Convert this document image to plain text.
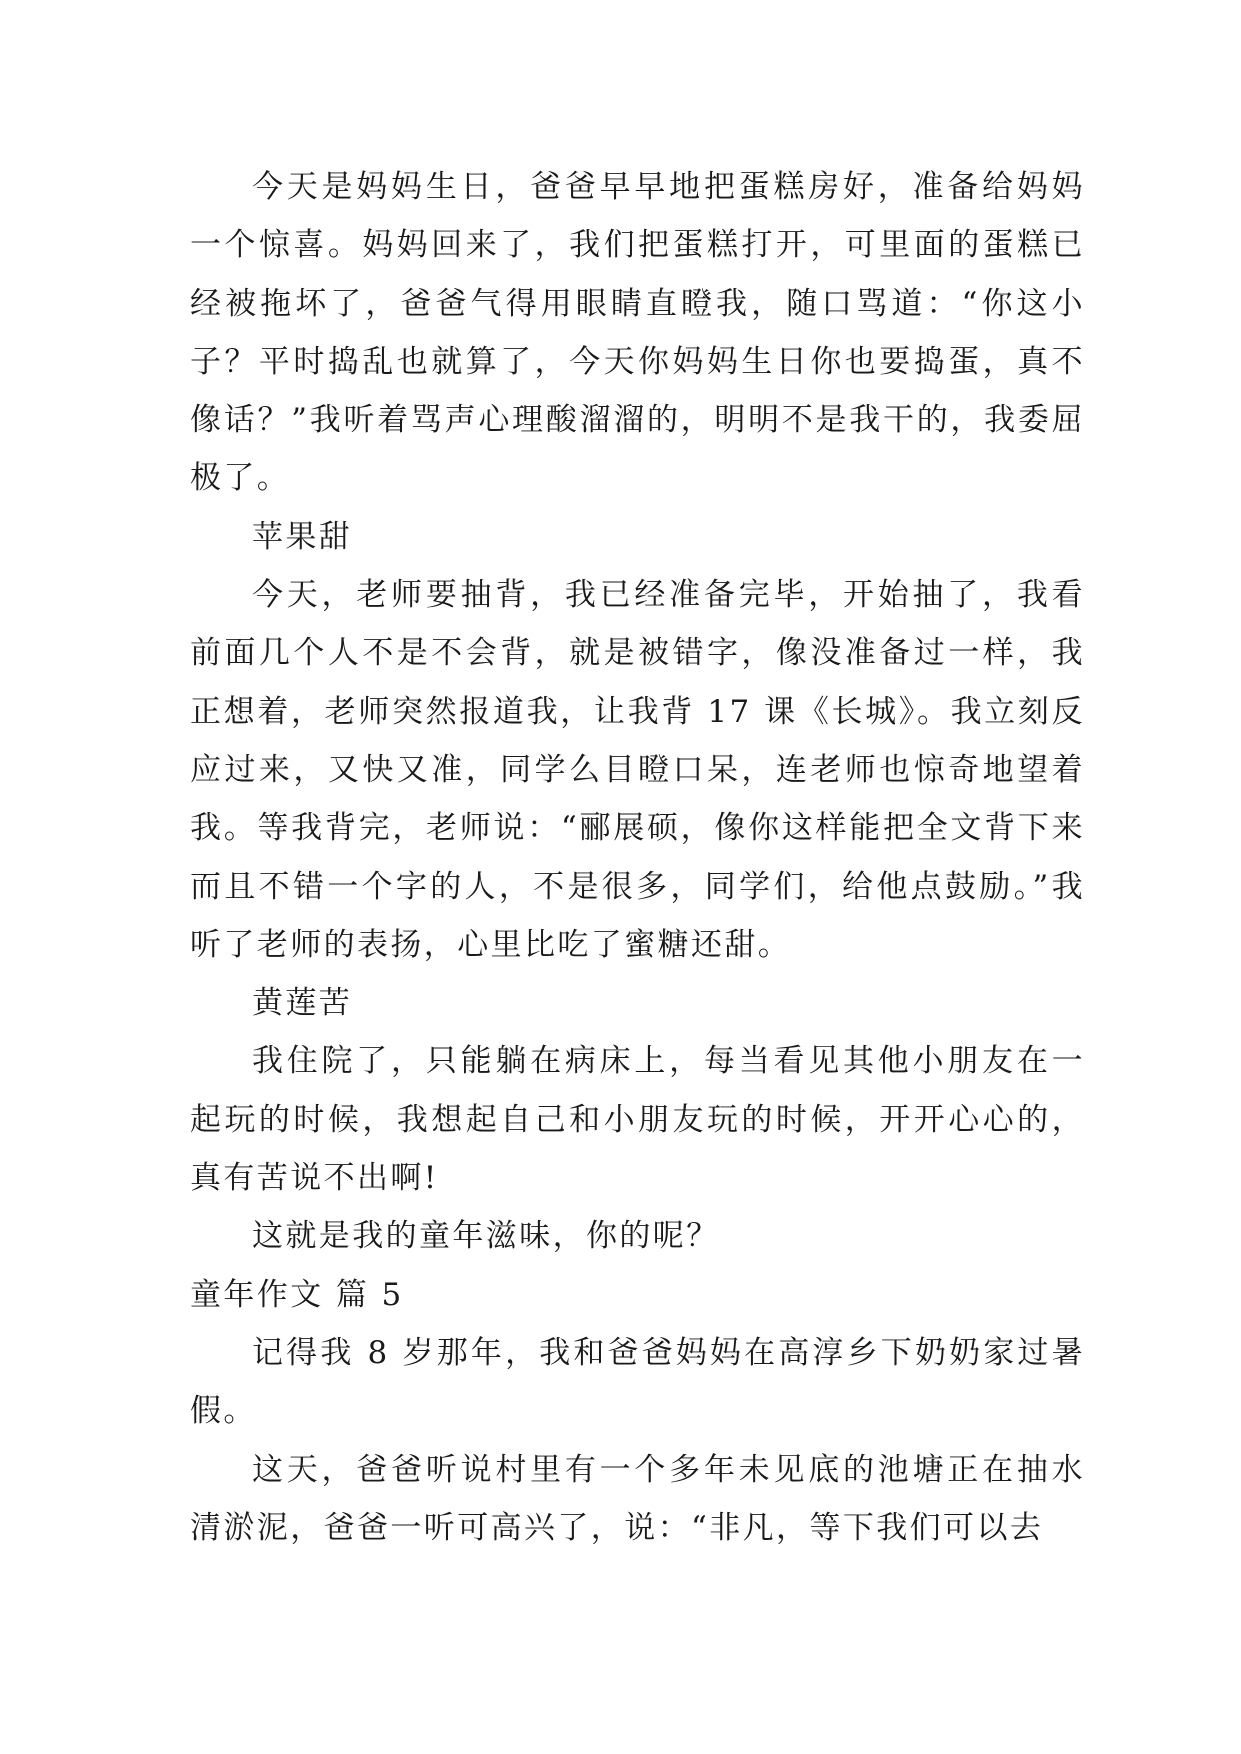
今天是妈妈生日，爸爸早早地把蛋糕房好，准备给妈妈一个惊喜。妈妈回来了，我们把蛋糕打开，可里面的蛋糕已经被拖坏了，爸爸气得用眼睛直瞪我，随口骂道：“你这小子？平时捣乱也就算了，今天你妈妈生日你也要捣蛋，真不像话？”我听着骂声心理酸溜溜的，明明不是我干的，我委屈极了。

苹果甜

今天，老师要抽背，我已经准备完毕，开始抽了，我看前面几个人不是不会背，就是被错字，像没准备过一样，我正想着，老师突然报道我，让我背 17 课《长城》。我立刻反应过来，又快又准，同学么目瞪口呆，连老师也惊奇地望着我。等我背完，老师说：“郦展硕，像你这样能把全文背下来而且不错一个字的人，不是很多，同学们，给他点鼓励。”我听了老师的表扬，心里比吃了蜜糖还甜。

黄莲苦

我住院了，只能躺在病床上，每当看见其他小朋友在一起玩的时候，我想起自己和小朋友玩的时候，开开心心的，真有苦说不出啊!

这就是我的童年滋味，你的呢？

童年作文 篇 5

记得我 8 岁那年，我和爸爸妈妈在高淳乡下奶奶家过暑假。

这天，爸爸听说村里有一个多年未见底的池塘正在抽水清淤泥，爸爸一听可高兴了，说：“非凡，等下我们可以去
